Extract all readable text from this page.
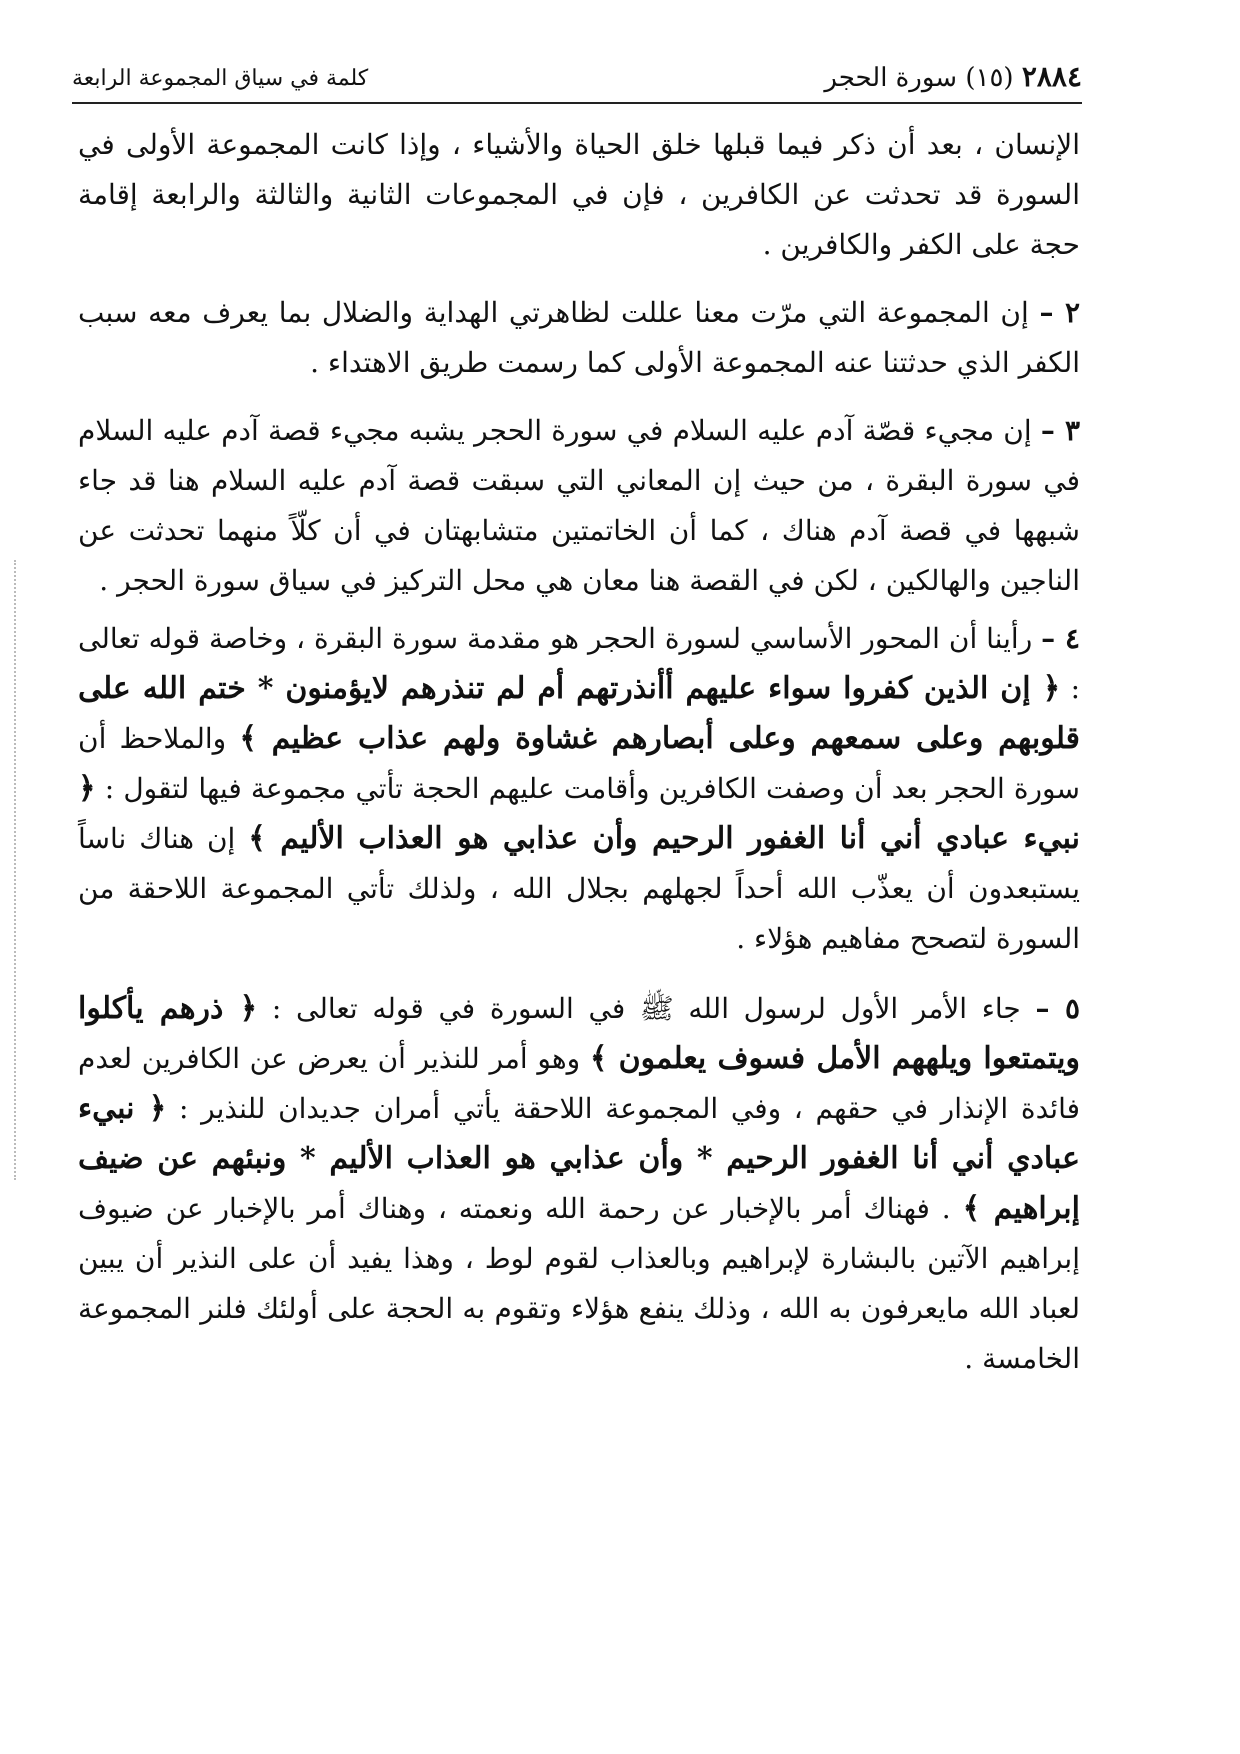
٢٨٨٤ (١٥) سورة الحجر
كلمة في سياق المجموعة الرابعة

الإنسان ، بعد أن ذكر فيما قبلها خلق الحياة والأشياء ، وإذا كانت المجموعة الأولى في السورة قد تحدثت عن الكافرين ، فإن في المجموعات الثانية والثالثة والرابعة إقامة حجة على الكفر والكافرين .

٢ – إن المجموعة التي مرّت معنا عللت لظاهرتي الهداية والضلال بما يعرف معه سبب الكفر الذي حدثتنا عنه المجموعة الأولى كما رسمت طريق الاهتداء .

٣ – إن مجيء قصّة آدم عليه السلام في سورة الحجر يشبه مجيء قصة آدم عليه السلام في سورة البقرة ، من حيث إن المعاني التي سبقت قصة آدم عليه السلام هنا قد جاء شبهها في قصة آدم هناك ، كما أن الخاتمتين متشابهتان في أن كلّاً منهما تحدثت عن الناجين والهالكين ، لكن في القصة هنا معان هي محل التركيز في سياق سورة الحجر .

٤ – رأينا أن المحور الأساسي لسورة الحجر هو مقدمة سورة البقرة ، وخاصة قوله تعالى : ﴿ إن الذين كفروا سواء عليهم أأنذرتهم أم لم تنذرهم لايؤمنون * ختم الله على قلوبهم وعلى سمعهم وعلى أبصارهم غشاوة ولهم عذاب عظيم ﴾ والملاحظ أن سورة الحجر بعد أن وصفت الكافرين وأقامت عليهم الحجة تأتي مجموعة فيها لتقول : ﴿ نبيء عبادي أني أنا الغفور الرحيم وأن عذابي هو العذاب الأليم ﴾ إن هناك ناساً يستبعدون أن يعذّب الله أحداً لجهلهم بجلال الله ، ولذلك تأتي المجموعة اللاحقة من السورة لتصحح مفاهيم هؤلاء .

٥ – جاء الأمر الأول لرسول الله ﷺ في السورة في قوله تعالى : ﴿ ذرهم يأكلوا ويتمتعوا ويلههم الأمل فسوف يعلمون ﴾ وهو أمر للنذير أن يعرض عن الكافرين لعدم فائدة الإنذار في حقهم ، وفي المجموعة اللاحقة يأتي أمران جديدان للنذير : ﴿ نبيء عبادي أني أنا الغفور الرحيم * وأن عذابي هو العذاب الأليم * ونبئهم عن ضيف إبراهيم ﴾ . فهناك أمر بالإخبار عن رحمة الله ونعمته ، وهناك أمر بالإخبار عن ضيوف إبراهيم الآتين بالبشارة لإبراهيم وبالعذاب لقوم لوط ، وهذا يفيد أن على النذير أن يبين لعباد الله مايعرفون به الله ، وذلك ينفع هؤلاء وتقوم به الحجة على أولئك فلنر المجموعة الخامسة .
